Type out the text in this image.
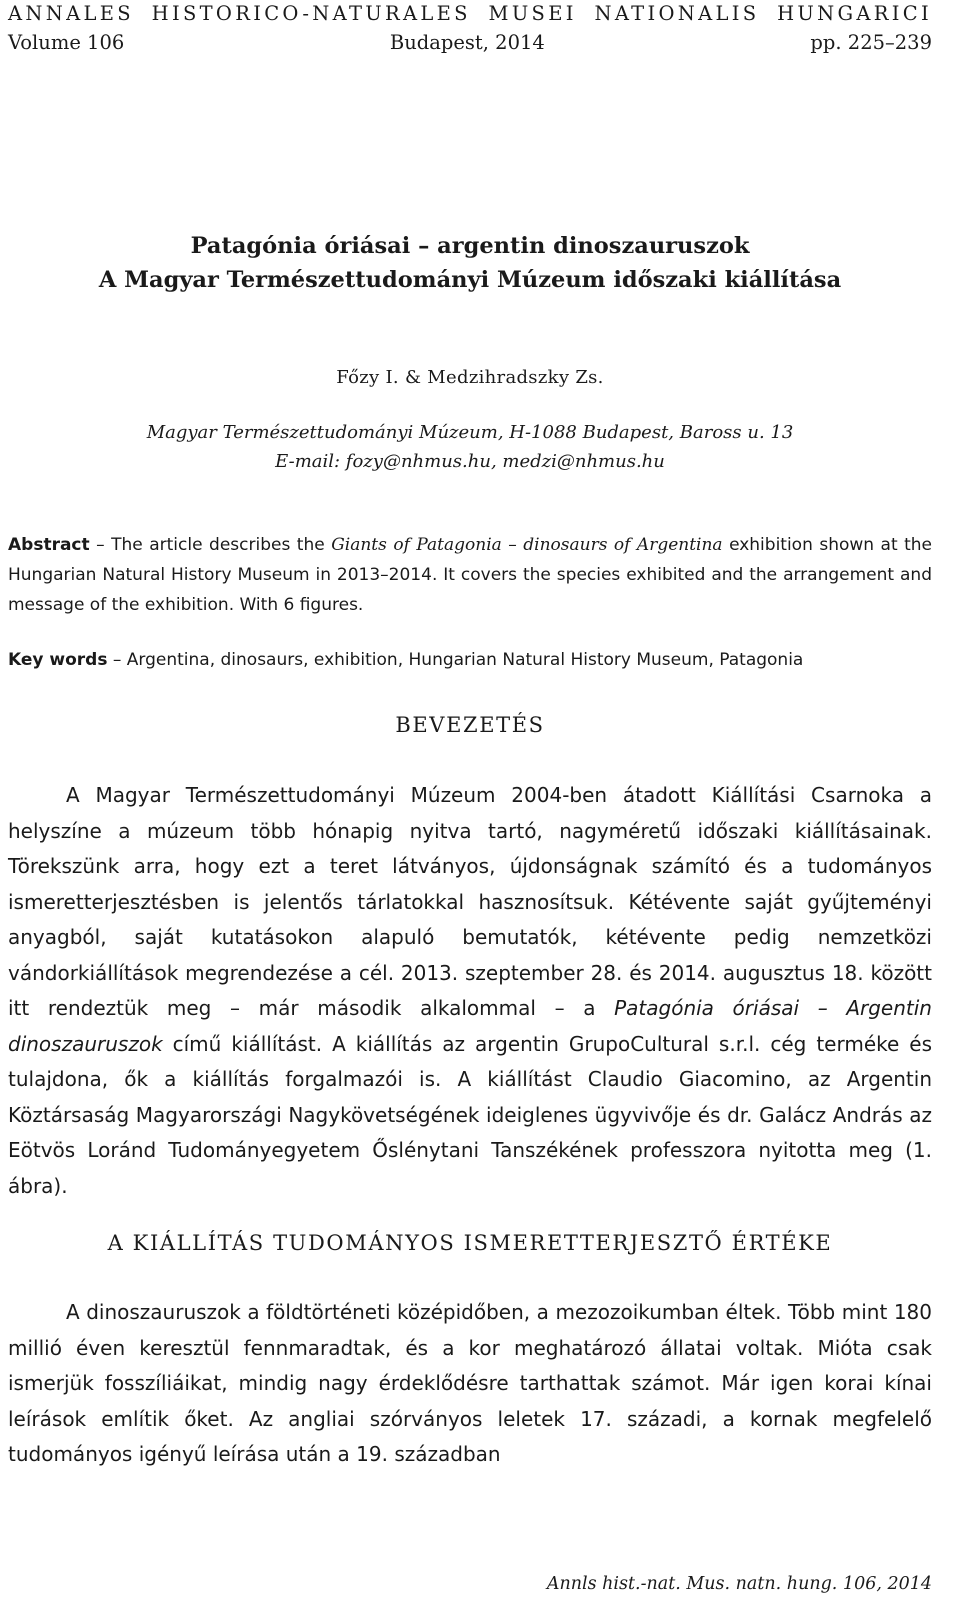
ANNALES HISTORICO-NATURALES MUSEI NATIONALIS HUNGARICI
Volume 106	Budapest, 2014	pp. 225–239
Patagónia óriásai – argentin dinoszauruszok
A Magyar Természettudományi Múzeum időszaki kiállítása
Főzy I. & Medzihradszky Zs.
Magyar Természettudományi Múzeum, H-1088 Budapest, Baross u. 13
E-mail: fozy@nhmus.hu, medzi@nhmus.hu
Abstract – The article describes the Giants of Patagonia – dinosaurs of Argentina exhibition shown at the Hungarian Natural History Museum in 2013–2014. It covers the species exhibited and the arrangement and message of the exhibition. With 6 figures.
Key words – Argentina, dinosaurs, exhibition, Hungarian Natural History Museum, Patagonia
BEVEZETÉS
A Magyar Természettudományi Múzeum 2004-ben átadott Kiállítási Csarnoka a helyszíne a múzeum több hónapig nyitva tartó, nagyméretű időszaki kiállításainak. Törekszünk arra, hogy ezt a teret látványos, újdonságnak számító és a tudományos ismeretterjesztésben is jelentős tárlatokkal hasznosítsuk. Kétévente saját gyűjteményi anyagból, saját kutatásokon alapuló bemutatók, kétévente pedig nemzetközi vándorkiállítások megrendezése a cél. 2013. szeptember 28. és 2014. augusztus 18. között itt rendeztük meg – már második alkalommal – a Patagónia óriásai – Argentin dinoszauruszok című kiállítást. A kiállítás az argentin GrupoCultural s.r.l. cég terméke és tulajdona, ők a kiállítás forgalmazói is. A kiállítást Claudio Giacomino, az Argentin Köztársaság Magyarországi Nagykövetségének ideiglenes ügyvivője és dr. Galácz András az Eötvös Loránd Tudományegyetem Őslénytani Tanszékének professzora nyitotta meg (1. ábra).
A KIÁLLÍTÁS TUDOMÁNYOS ISMERETTERJESZTŐ ÉRTÉKE
A dinoszauruszok a földtörténeti középidőben, a mezozoikumban éltek. Több mint 180 millió éven keresztül fennmaradtak, és a kor meghatározó állatai voltak. Mióta csak ismerjük fosszíliáikat, mindig nagy érdeklődésre tarthattak számot. Már igen korai kínai leírások említik őket. Az angliai szórványos leletek 17. századi, a kornak megfelelő tudományos igényű leírása után a 19. században
Annls hist.-nat. Mus. natn. hung. 106, 2014
